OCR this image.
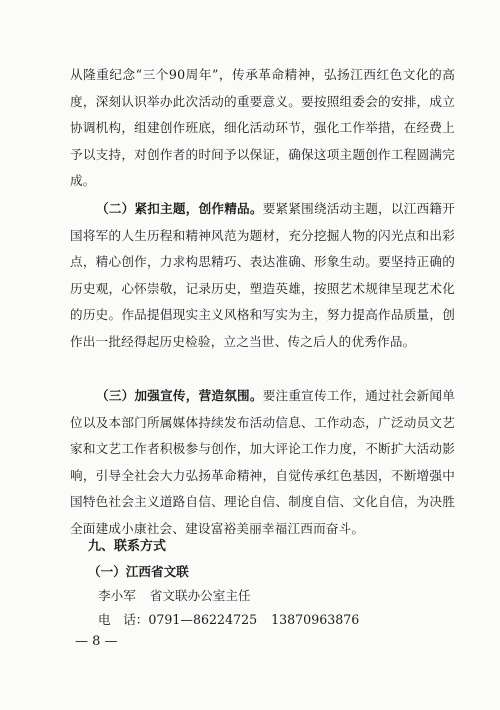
从隆重纪念“三个90周年”，传承革命精神，弘扬江西红色文化的高度，深刻认识举办此次活动的重要意义。要按照组委会的安排，成立协调机构，组建创作班底，细化活动环节，强化工作举措，在经费上予以支持，对创作者的时间予以保证，确保这项主题创作工程圆满完成。
（二）紧扣主题，创作精品。要紧紧围绕活动主题，以江西籍开国将军的人生历程和精神风范为题材，充分挖掘人物的闪光点和出彩点，精心创作，力求构思精巧、表达准确、形象生动。要坚持正确的历史观，心怀崇敬，记录历史，塑造英雄，按照艺术规律呈现艺术化的历史。作品提倡现实主义风格和写实为主，努力提高作品质量，创作出一批经得起历史检验，立之当世、传之后人的优秀作品。
（三）加强宣传，营造氛围。要注重宣传工作，通过社会新闻单位以及本部门所属媒体持续发布活动信息、工作动态，广泛动员文艺家和文艺工作者积极参与创作，加大评论工作力度，不断扩大活动影响，引导全社会大力弘扬革命精神，自觉传承红色基因，不断增强中国特色社会主义道路自信、理论自信、制度自信、文化自信，为决胜全面建成小康社会、建设富裕美丽幸福江西而奋斗。
九、联系方式
（一）江西省文联
李小军 省文联办公室主任
电　话：0791—86224725 13870963876
— 8 —
